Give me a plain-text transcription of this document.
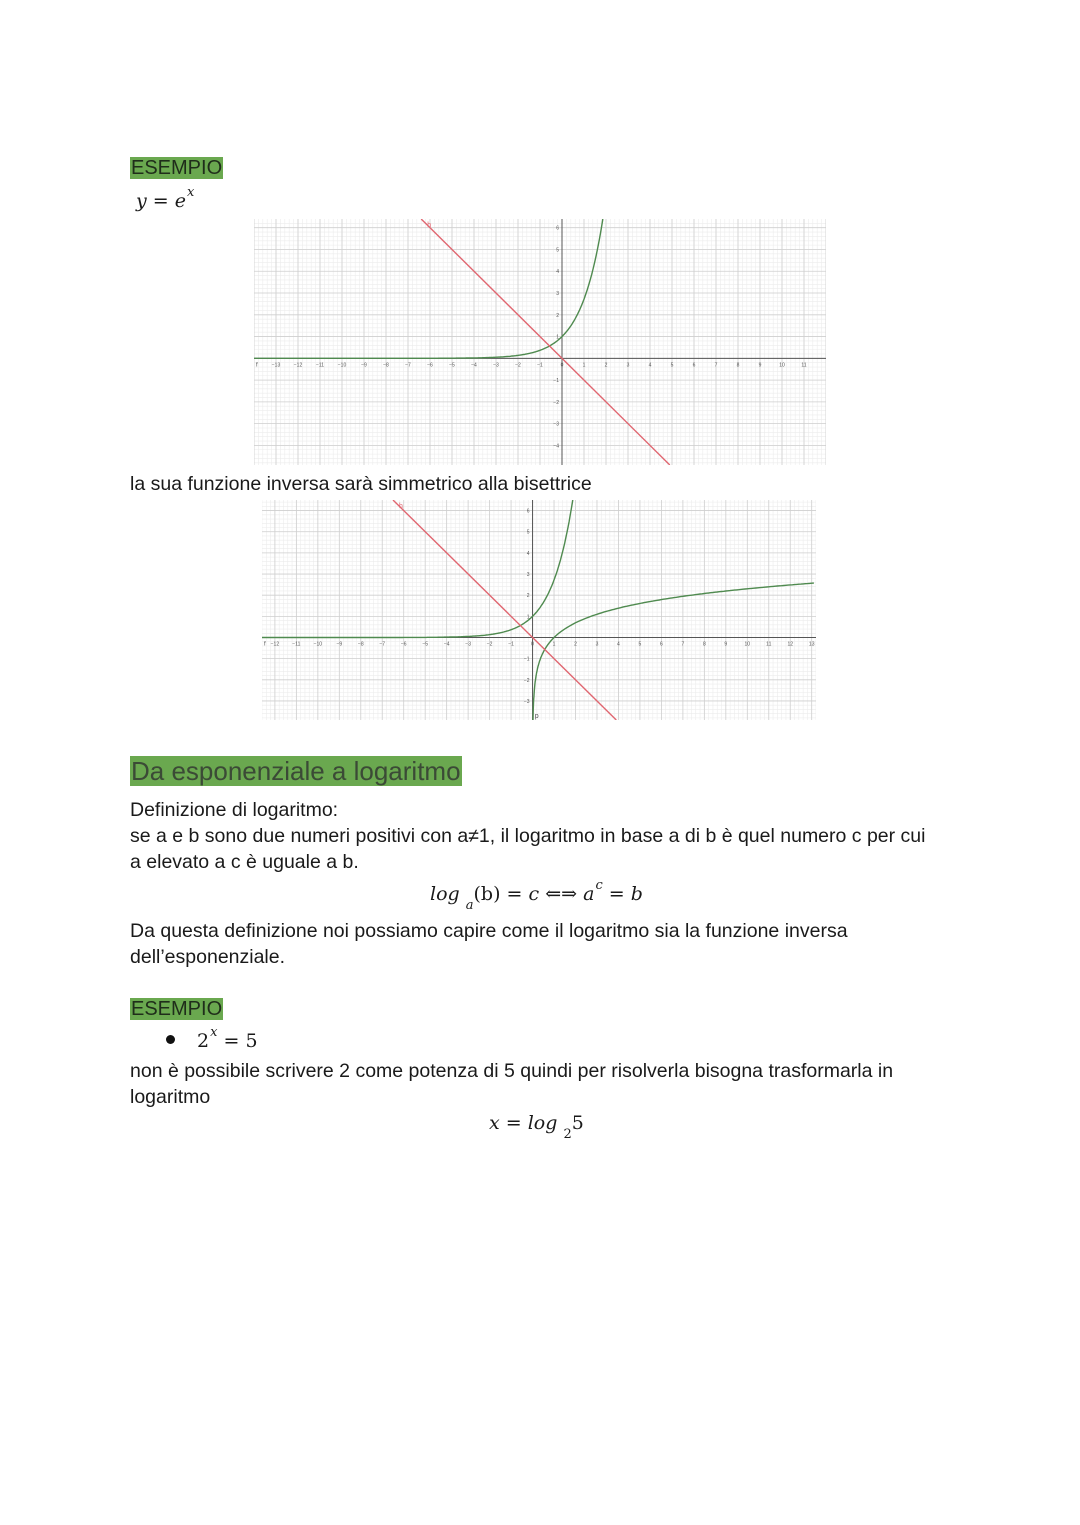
ESEMPIO
$y = e^x$
−13	−12	−11	−10	−9	−8	−7	−6	−5	−4	−3	−2	−1	0	1	2	3	4	5	6	7	8	9	10	11
−4
−3
−2
−1
1
2
3
4
5
6
h
f
la sua funzione inversa sarà simmetrico alla bisettrice
−12	−11	−10	−9	−8	−7	−6	−5	−4	−3	−2	−1	0	1	2	3	4	5	6	7	8	9	10	11	12	13
−3
−2
−1
1
2
3
4
5
6
h
f
p
Da esponenziale a logaritmo
Definizione di logaritmo:
se a e b sono due numeri positivi con a≠1, il logaritmo in base a di b è quel numero c per cui
a elevato a c è uguale a b.
log $_a$(b) = c ⇐⇒ $a^c = b$
Da questa definizione noi possiamo capire come il logaritmo sia la funzione inversa
dell’esponenziale.
ESEMPIO
$2^x = 5$
non è possibile scrivere 2 come potenza di 5 quindi per risolverla bisogna trasformarla in
logaritmo
x = log $_2$5
